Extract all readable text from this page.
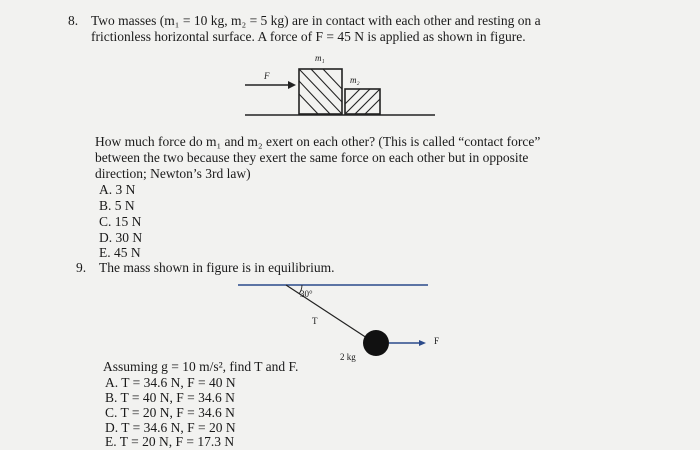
8. Two masses (m₁ = 10 kg, m₂ = 5 kg) are in contact with each other and resting on a
frictionless horizontal surface. A force of F = 45 N is applied as shown in figure.
m₁
m₂
F⃗
How much force do m₁ and m₂ exert on each other? (This is called “contact force”
between the two because they exert the same force on each other but in opposite
direction; Newton’s 3rd law)
A. 3 N
B. 5 N
C. 15 N
D. 30 N
E. 45 N
9. The mass shown in figure is in equilibrium.
30°
T
2 kg
F
Assuming g = 10 m/s², find T and F.
A. T = 34.6 N, F = 40 N
B. T = 40 N, F = 34.6 N
C. T = 20 N, F = 34.6 N
D. T = 34.6 N, F = 20 N
E. T = 20 N, F = 17.3 N
